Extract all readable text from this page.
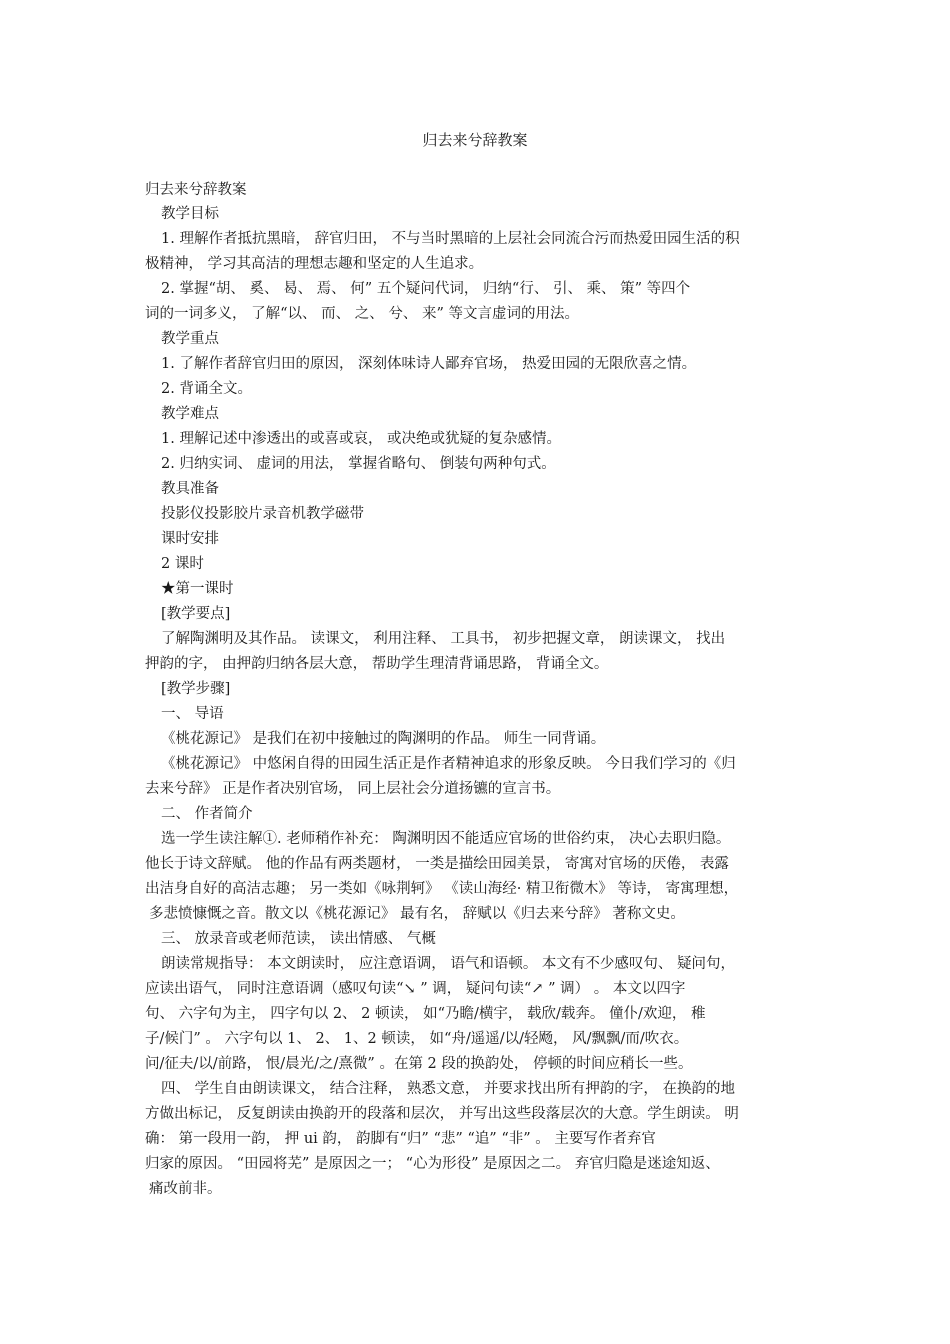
归去来兮辞教案
归去来兮辞教案
教学目标
1. 理解作者抵抗黑暗， 辞官归田， 不与当时黑暗的上层社会同流合污而热爱田园生活的积
极精神， 学习其高洁的理想志趣和坚定的人生追求。
2. 掌握“胡、 奚、 曷、 焉、 何” 五个疑问代词， 归纳“行、 引、 乘、 策” 等四个
词的一词多义， 了解“以、 而、 之、 兮、 来” 等文言虚词的用法。
教学重点
1. 了解作者辞官归田的原因， 深刻体味诗人鄙弃官场， 热爱田园的无限欣喜之情。
2. 背诵全文。
教学难点
1. 理解记述中渗透出的或喜或哀， 或决绝或犹疑的复杂感情。
2. 归纳实词、 虚词的用法， 掌握省略句、 倒装句两种句式。
教具准备
投影仪投影胶片录音机教学磁带
课时安排
2 课时
★第一课时
[教学要点]
了解陶渊明及其作品。 读课文， 利用注释、 工具书， 初步把握文章， 朗读课文， 找出
押韵的字， 由押韵归纳各层大意， 帮助学生理清背诵思路， 背诵全文。
[教学步骤]
一、 导语
《桃花源记》 是我们在初中接触过的陶渊明的作品。 师生一同背诵。
《桃花源记》 中悠闲自得的田园生活正是作者精神追求的形象反映。 今日我们学习的《归
去来兮辞》 正是作者决别官场， 同上层社会分道扬镳的宣言书。
二、 作者简介
选一学生读注解①. 老师稍作补充： 陶渊明因不能适应官场的世俗约束， 决心去职归隐。
他长于诗文辞赋。 他的作品有两类题材， 一类是描绘田园美景， 寄寓对官场的厌倦， 表露
出洁身自好的高洁志趣； 另一类如《咏荆轲》 《读山海经· 精卫衔微木》 等诗， 寄寓理想，
多悲愤慷慨之音。散文以《桃花源记》 最有名， 辞赋以《归去来兮辞》 著称文史。
三、 放录音或老师范读， 读出情感、 气概
朗读常规指导： 本文朗读时， 应注意语调， 语气和语顿。 本文有不少感叹句、 疑问句，
应读出语气， 同时注意语调（感叹句读“↘ ” 调， 疑问句读“↗ ” 调） 。 本文以四字
句、 六字句为主， 四字句以 2、 2 顿读， 如“乃瞻/横宇， 载欣/载奔。 僮仆/欢迎， 稚
子/候门” 。 六字句以 1、 2、 1、2 顿读， 如“舟/遥遥/以/轻飏， 风/飘飘/而/吹衣。
问/征夫/以/前路， 恨/晨光/之/熹微” 。在第 2 段的换韵处， 停顿的时间应稍长一些。
四、 学生自由朗读课文， 结合注释， 熟悉文意， 并要求找出所有押韵的字， 在换韵的地
方做出标记， 反复朗读由换韵开的段落和层次， 并写出这些段落层次的大意。学生朗读。 明
确： 第一段用一韵， 押 ui 韵， 韵脚有“归” “悲” “追” “非” 。 主要写作者弃官
归家的原因。 “田园将芜” 是原因之一； “心为形役” 是原因之二。 弃官归隐是迷途知返、
痛改前非。
